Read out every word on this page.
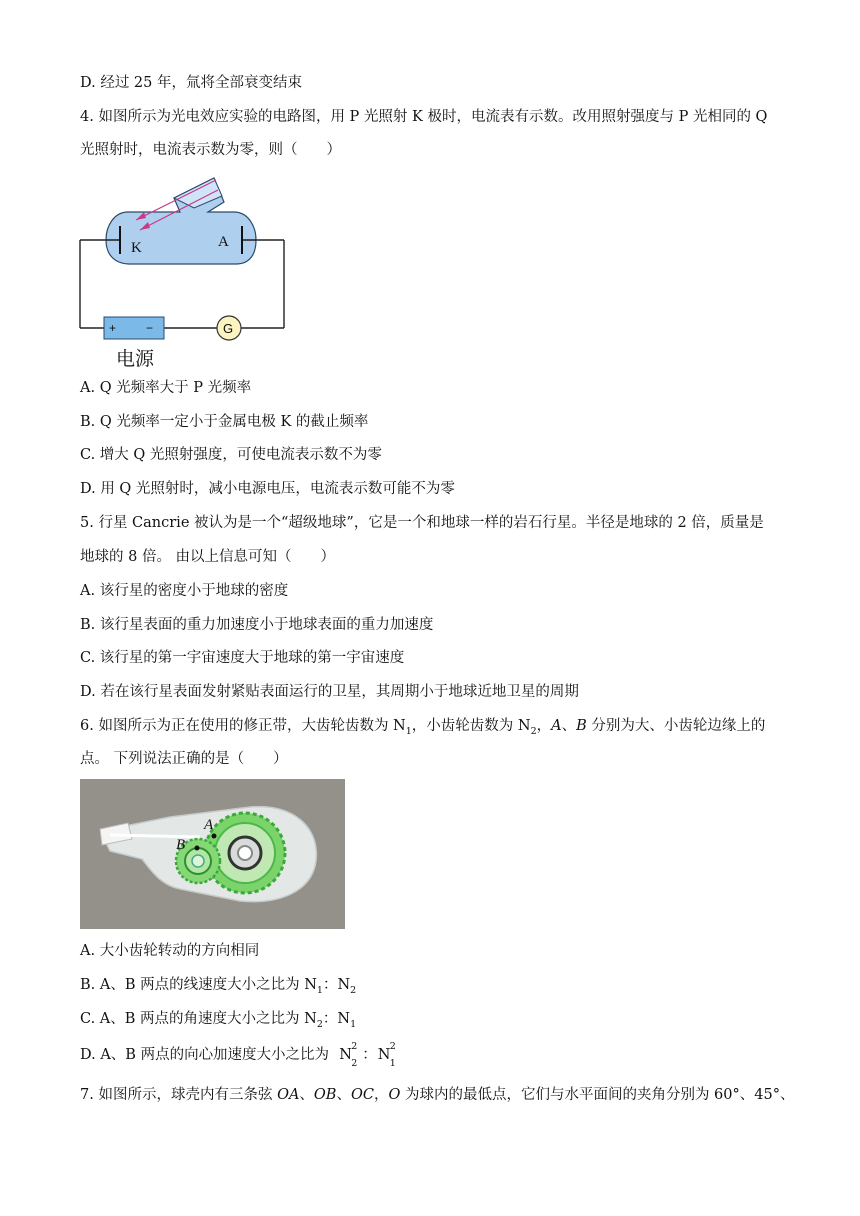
D. 经过 25 年，氚将全部衰变结束
4. 如图所示为光电效应实验的电路图，用 P 光照射 K 极时，电流表有示数。改用照射强度与 P 光相同的 Q
光照射时，电流表示数为零，则（　　）
K	A
+ −	G
电源
A. Q 光频率大于 P 光频率
B. Q 光频率一定小于金属电极 K 的截止频率
C. 增大 Q 光照射强度，可使电流表示数不为零
D. 用 Q 光照射时，减小电源电压，电流表示数可能不为零
5. 行星 Cancrie 被认为是一个“超级地球”，它是一个和地球一样的岩石行星。半径是地球的 2 倍，质量是
地球的 8 倍。 由以上信息可知（　　）
A. 该行星的密度小于地球的密度
B. 该行星表面的重力加速度小于地球表面的重力加速度
C. 该行星的第一宇宙速度大于地球的第一宇宙速度
D. 若在该行星表面发射紧贴表面运行的卫星，其周期小于地球近地卫星的周期
6. 如图所示为正在使用的修正带，大齿轮齿数为 $N_1$，小齿轮齿数为 $N_2$，A、B 分别为大、小齿轮边缘上的
点。 下列说法正确的是（　　）
A
B
A. 大小齿轮转动的方向相同
B. A、B 两点的线速度大小之比为 $N_1$：$N_2$
C. A、B 两点的角速度大小之比为 $N_2$：$N_1$
D. A、B 两点的向心加速度大小之比为 N
2
2
：N
2
1
7. 如图所示，球壳内有三条弦 OA、OB、OC，O 为球内的最低点，它们与水平面间的夹角分别为 60°、45°、
